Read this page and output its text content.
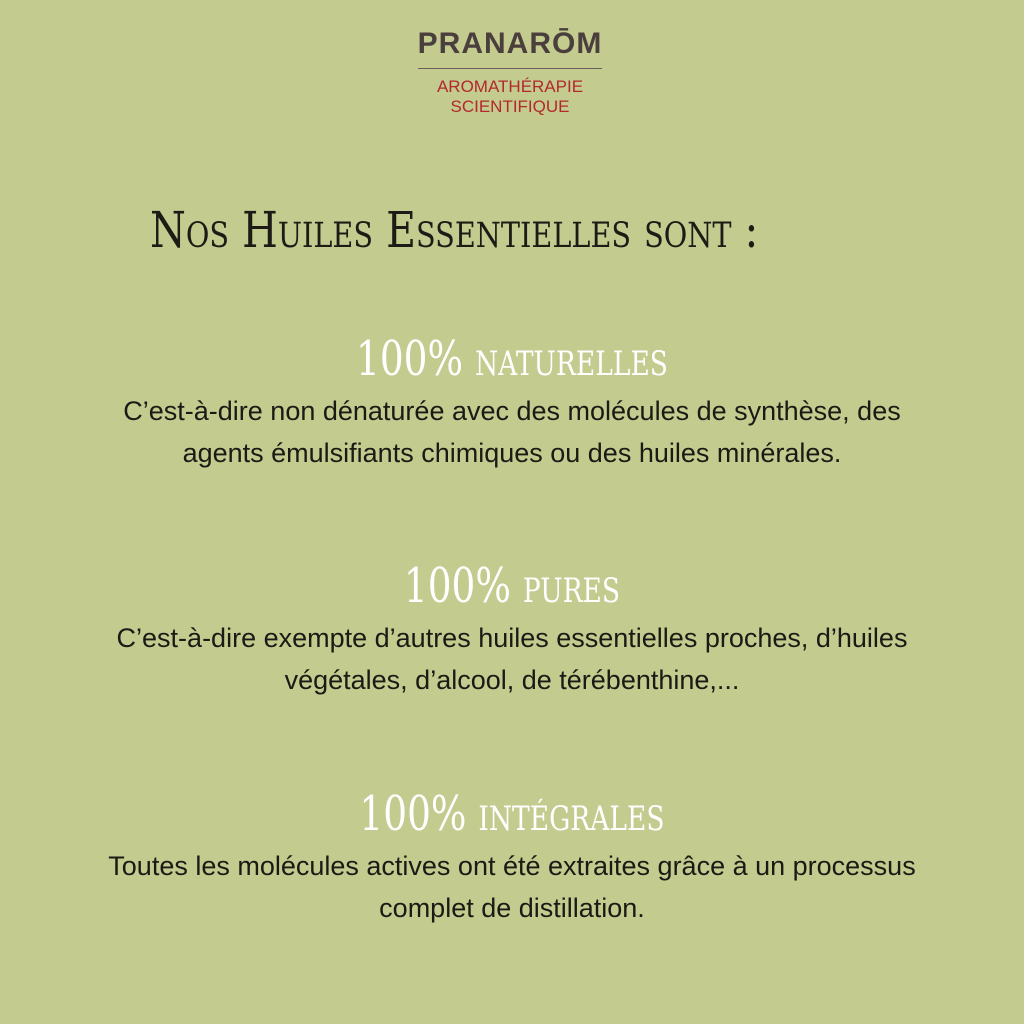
PRANARŌM
AROMATHÉRAPIE
SCIENTIFIQUE
Nos Huiles Essentielles sont :
100% naturelles
C’est-à-dire non dénaturée avec des molécules de synthèse, des
agents émulsifiants chimiques ou des huiles minérales.
100% pures
C’est-à-dire exempte d’autres huiles essentielles proches, d’huiles
végétales, d’alcool, de térébenthine,...
100% intégrales
Toutes les molécules actives ont été extraites grâce à un processus
complet de distillation.
